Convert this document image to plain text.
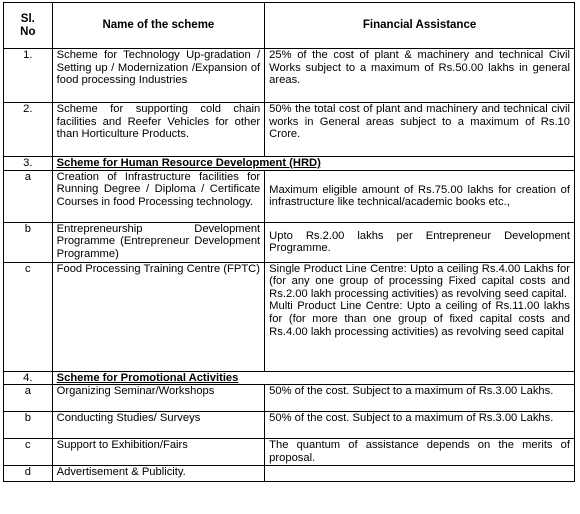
Sl. No	Name of the scheme	Financial Assistance
1.	Scheme for Technology Up-gradation / Setting up / Modernization /Expansion of food processing Industries	25% of the cost of plant & machinery and technical Civil Works subject to a maximum of Rs.50.00 lakhs in general areas.
2.	Scheme for supporting cold chain facilities and Reefer Vehicles for other than Horticulture Products.	50% the total cost of plant and machinery and technical civil works in General areas subject to a maximum of Rs.10 Crore.
3.	Scheme for Human Resource Development (HRD)	
a	Creation of Infrastructure facilities for Running Degree / Diploma / Certificate Courses in food Processing technology.	Maximum eligible amount of Rs.75.00 lakhs for creation of infrastructure like technical/academic books etc.,
b	Entrepreneurship Development Programme (Entrepreneur Development Programme)	Upto Rs.2.00 lakhs per Entrepreneur Development Programme.
c	Food Processing Training Centre (FPTC)	Single Product Line Centre: Upto a ceiling Rs.4.00 Lakhs for (for any one group of processing Fixed capital costs and Rs.2.00 lakh processing activities) as revolving seed capital.
Multi Product Line Centre: Upto a ceiling of Rs.11.00 lakhs for (for more than one group of fixed capital costs and Rs.4.00 lakh processing activities) as revolving seed capital

4.	Scheme for Promotional Activities	
a	Organizing Seminar/Workshops	50% of the cost. Subject to a maximum of Rs.3.00 Lakhs.
b	Conducting Studies/ Surveys	50% of the cost. Subject to a maximum of Rs.3.00 Lakhs.
c	Support to Exhibition/Fairs	The quantum of assistance depends on the merits of proposal.
d	Advertisement & Publicity.	
